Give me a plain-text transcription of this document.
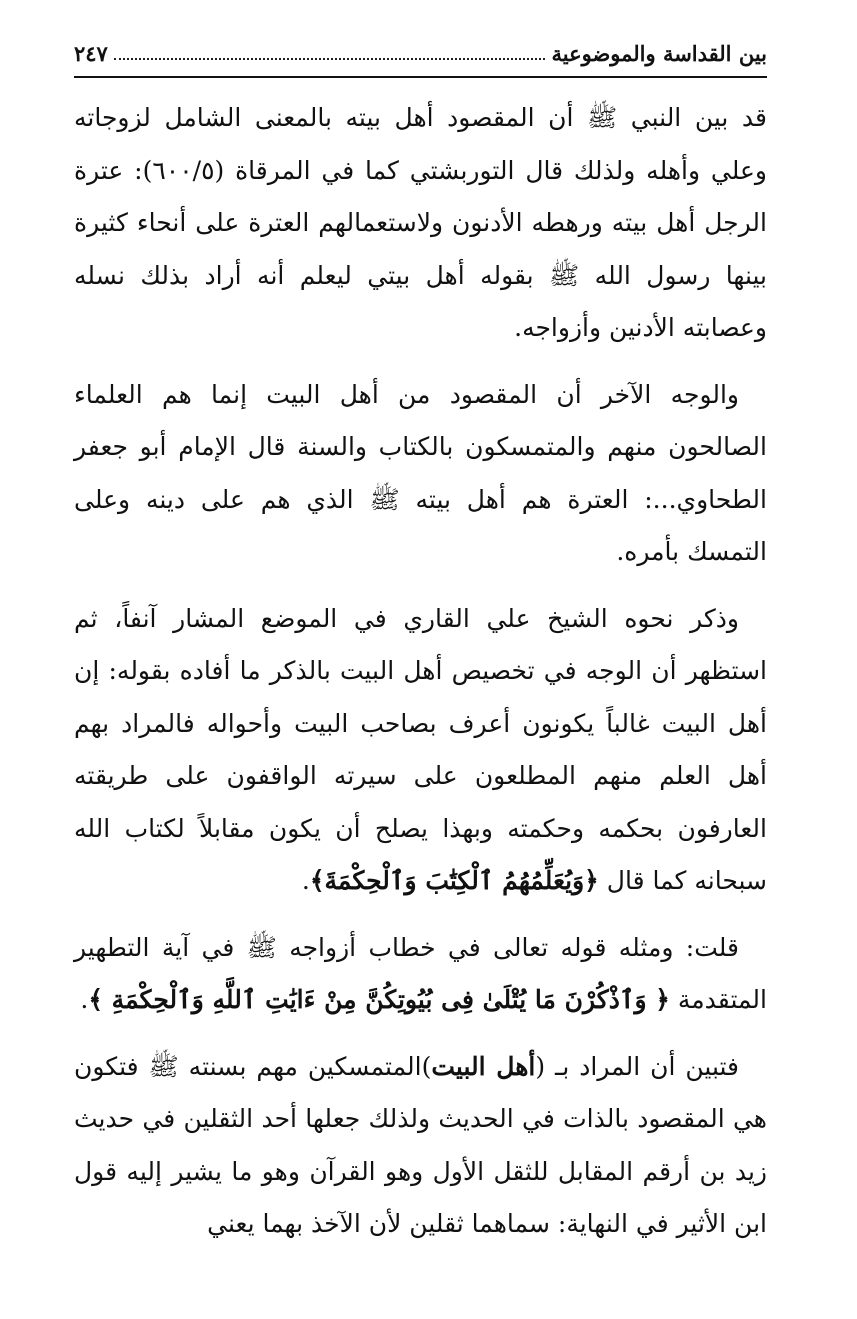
بين القداسة والموضوعية
٢٤٧

قد بين النبي ﷺ أن المقصود أهل بيته بالمعنى الشامل لزوجاته وعلي وأهله ولذلك قال التوربشتي كما في المرقاة (٦٠٠/٥): عترة الرجل أهل بيته ورهطه الأدنون ولاستعمالهم العترة على أنحاء كثيرة بينها رسول الله ﷺ بقوله أهل بيتي ليعلم أنه أراد بذلك نسله وعصابته الأدنين وأزواجه.

والوجه الآخر أن المقصود من أهل البيت إنما هم العلماء الصالحون منهم والمتمسكون بالكتاب والسنة قال الإمام أبو جعفر الطحاوي...: العترة هم أهل بيته ﷺ الذي هم على دينه وعلى التمسك بأمره.

وذكر نحوه الشيخ علي القاري في الموضع المشار آنفاً، ثم استظهر أن الوجه في تخصيص أهل البيت بالذكر ما أفاده بقوله: إن أهل البيت غالباً يكونون أعرف بصاحب البيت وأحواله فالمراد بهم أهل العلم منهم المطلعون على سيرته الواقفون على طريقته العارفون بحكمه وحكمته وبهذا يصلح أن يكون مقابلاً لكتاب الله سبحانه كما قال ﴿وَيُعَلِّمُهُمُ ٱلْكِتَٰبَ وَٱلْحِكْمَةَ﴾.

قلت: ومثله قوله تعالى في خطاب أزواجه ﷺ في آية التطهير المتقدمة ﴿ وَٱذْكُرْنَ مَا يُتْلَىٰ فِى بُيُوتِكُنَّ مِنْ ءَايَٰتِ ٱللَّهِ وَٱلْحِكْمَةِ ﴾.

فتبين أن المراد بـ (أهل البيت)المتمسكين مهم بسنته ﷺ فتكون هي المقصود بالذات في الحديث ولذلك جعلها أحد الثقلين في حديث زيد بن أرقم المقابل للثقل الأول وهو القرآن وهو ما يشير إليه قول ابن الأثير في النهاية: سماهما ثقلين لأن الآخذ بهما يعني
